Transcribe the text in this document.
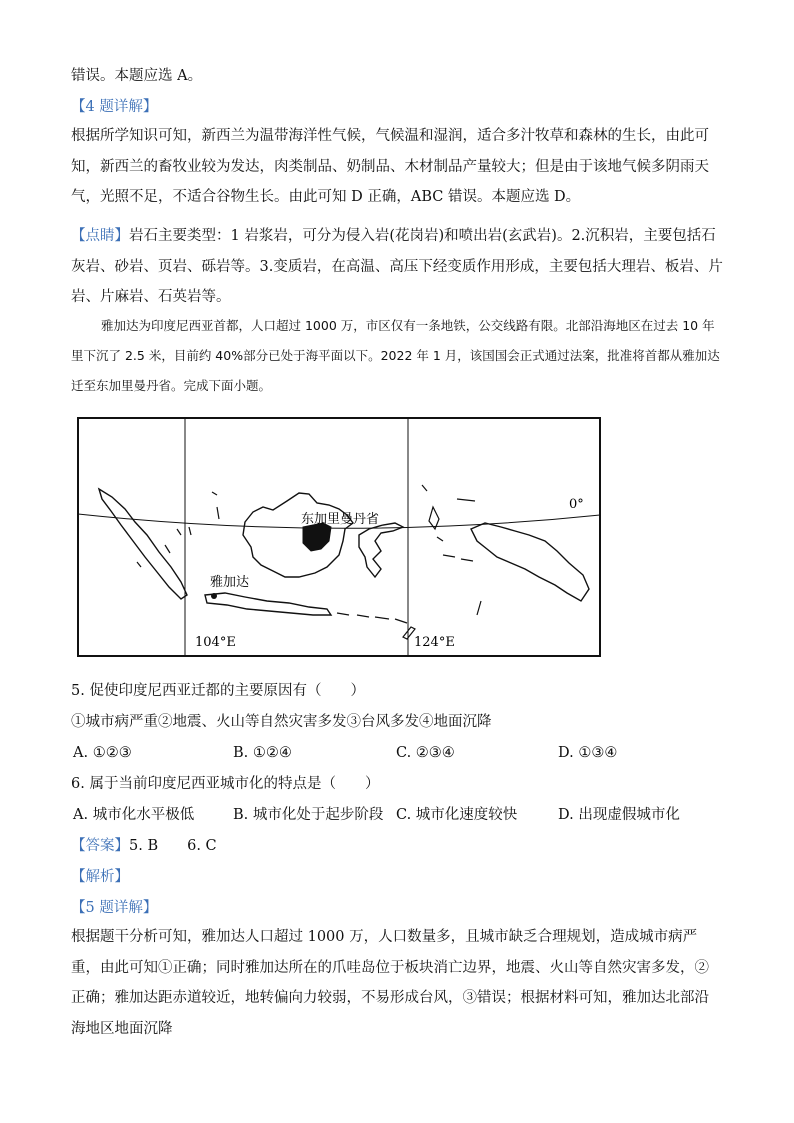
错误。本题应选 A。
【4 题详解】
根据所学知识可知，新西兰为温带海洋性气候，气候温和湿润，适合多汁牧草和森林的生长，由此可知，新西兰的畜牧业较为发达，肉类制品、奶制品、木材制品产量较大；但是由于该地气候多阴雨天气，光照不足，不适合谷物生长。由此可知 D 正确，ABC 错误。本题应选 D。
【点睛】岩石主要类型：1 岩浆岩，可分为侵入岩(花岗岩)和喷出岩(玄武岩)。2.沉积岩，主要包括石灰岩、砂岩、页岩、砾岩等。3.变质岩，在高温、高压下经变质作用形成，主要包括大理岩、板岩、片岩、片麻岩、石英岩等。
雅加达为印度尼西亚首都，人口超过 1000 万，市区仅有一条地铁，公交线路有限。北部沿海地区在过去 10 年里下沉了 2.5 米，目前约 40%部分已处于海平面以下。2022 年 1 月，该国国会正式通过法案，批准将首都从雅加达迁至东加里曼丹省。完成下面小题。
东加里曼丹省
雅加达
0°
104°E	124°E
5. 促使印度尼西亚迁都的主要原因有（　　）
①城市病严重②地震、火山等自然灾害多发③台风多发④地面沉降
A. ①②③	B. ①②④	C. ②③④	D. ①③④
6. 属于当前印度尼西亚城市化的特点是（　　）
A. 城市化水平极低	B. 城市化处于起步阶段 C. 城市化速度较快	D. 出现虚假城市化
【答案】5. B　　6. C
【解析】
【5 题详解】
根据题干分析可知，雅加达人口超过 1000 万，人口数量多，且城市缺乏合理规划，造成城市病严重，由此可知①正确；同时雅加达所在的爪哇岛位于板块消亡边界，地震、火山等自然灾害多发，②正确；雅加达距赤道较近，地转偏向力较弱，不易形成台风，③错误；根据材料可知，雅加达北部沿海地区地面沉降
